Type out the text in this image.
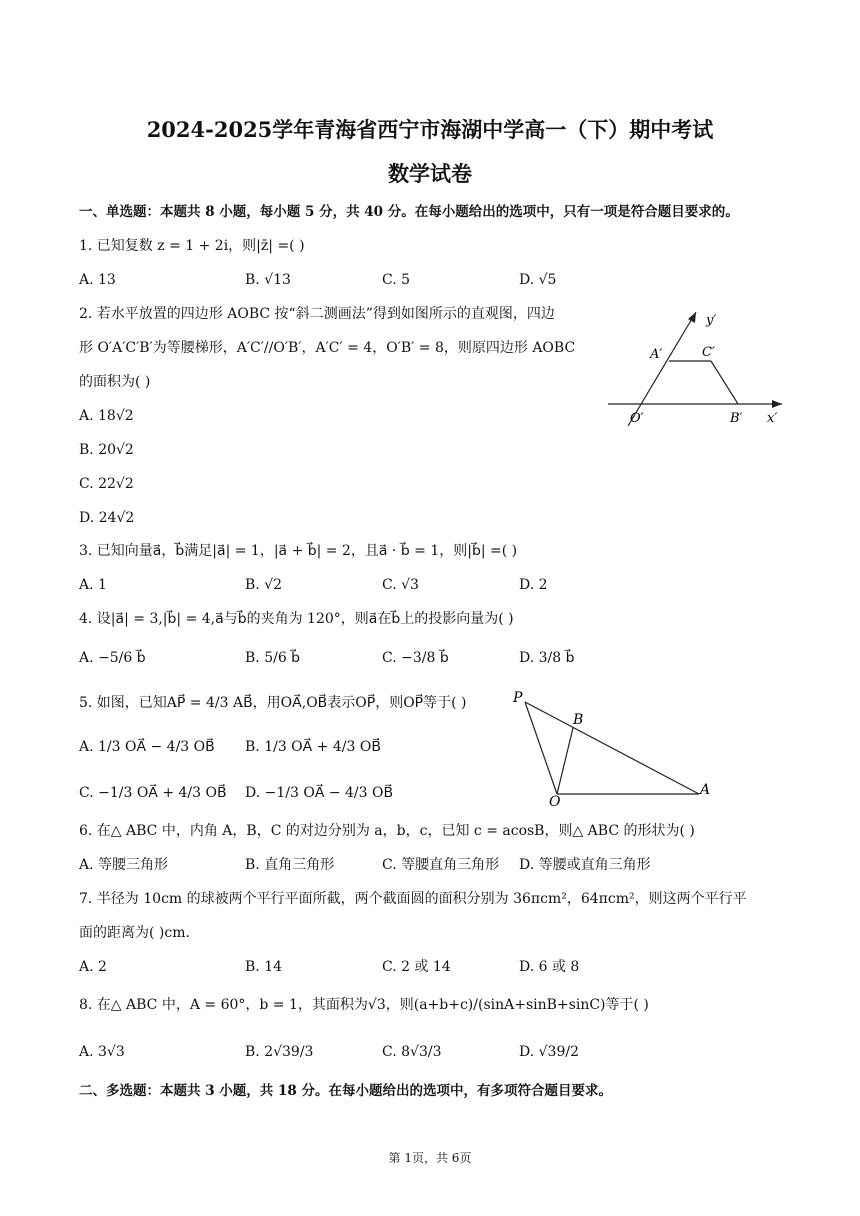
2024-2025学年青海省西宁市海湖中学高一（下）期中考试
数学试卷
一、单选题：本题共 8 小题，每小题 5 分，共 40 分。在每小题给出的选项中，只有一项是符合题目要求的。
1. 已知复数 z = 1 + 2i，则|z̄| =( )
A. 13	B. √13	C. 5	D. √5
2. 若水平放置的四边形 AOBC 按“斜二测画法”得到如图所示的直观图，四边
形 O′A′C′B′为等腰梯形，A′C′//O′B′，A′C′ = 4，O′B′ = 8，则原四边形 AOBC
的面积为( )
A. 18√2
B. 20√2
C. 22√2
D. 24√2
A′	C′
O′	B′ x′
y′
3. 已知向量a⃗，b⃗满足|a⃗| = 1，|a⃗ + b⃗| = 2，且a⃗ · b⃗ = 1，则|b⃗| =( )
A. 1	B. √2	C. √3	D. 2
4. 设|a⃗| = 3,|b⃗| = 4,a⃗与b⃗的夹角为 120°，则a⃗在b⃗上的投影向量为( )
A. −5/6 b⃗	B. 5/6 b⃗	C. −3/8 b⃗	D. 3/8 b⃗
5. 如图，已知AP⃗ = 4/3 AB⃗，用OA⃗,OB⃗表示OP⃗，则OP⃗等于( )
A. 1/3 OA⃗ − 4/3 OB⃗ B. 1/3 OA⃗ + 4/3 OB⃗
C. −1/3 OA⃗ + 4/3 OB⃗ D. −1/3 OA⃗ − 4/3 OB⃗
P
B
O
A
6. 在△ ABC 中，内角 A，B，C 的对边分别为 a，b，c，已知 c = acosB，则△ ABC 的形状为( )
A. 等腰三角形	B. 直角三角形	C. 等腰直角三角形 D. 等腰或直角三角形
7. 半径为 10cm 的球被两个平行平面所截，两个截面圆的面积分别为 36πcm²，64πcm²，则这两个平行平
面的距离为( )cm.
A. 2	B. 14	C. 2 或 14	D. 6 或 8
8. 在△ ABC 中，A = 60°，b = 1，其面积为√3，则(a+b+c)/(sinA+sinB+sinC)等于( )
A. 3√3	B. 2√39/3	C. 8√3/3	D. √39/2
二、多选题：本题共 3 小题，共 18 分。在每小题给出的选项中，有多项符合题目要求。
第 1页，共 6页
